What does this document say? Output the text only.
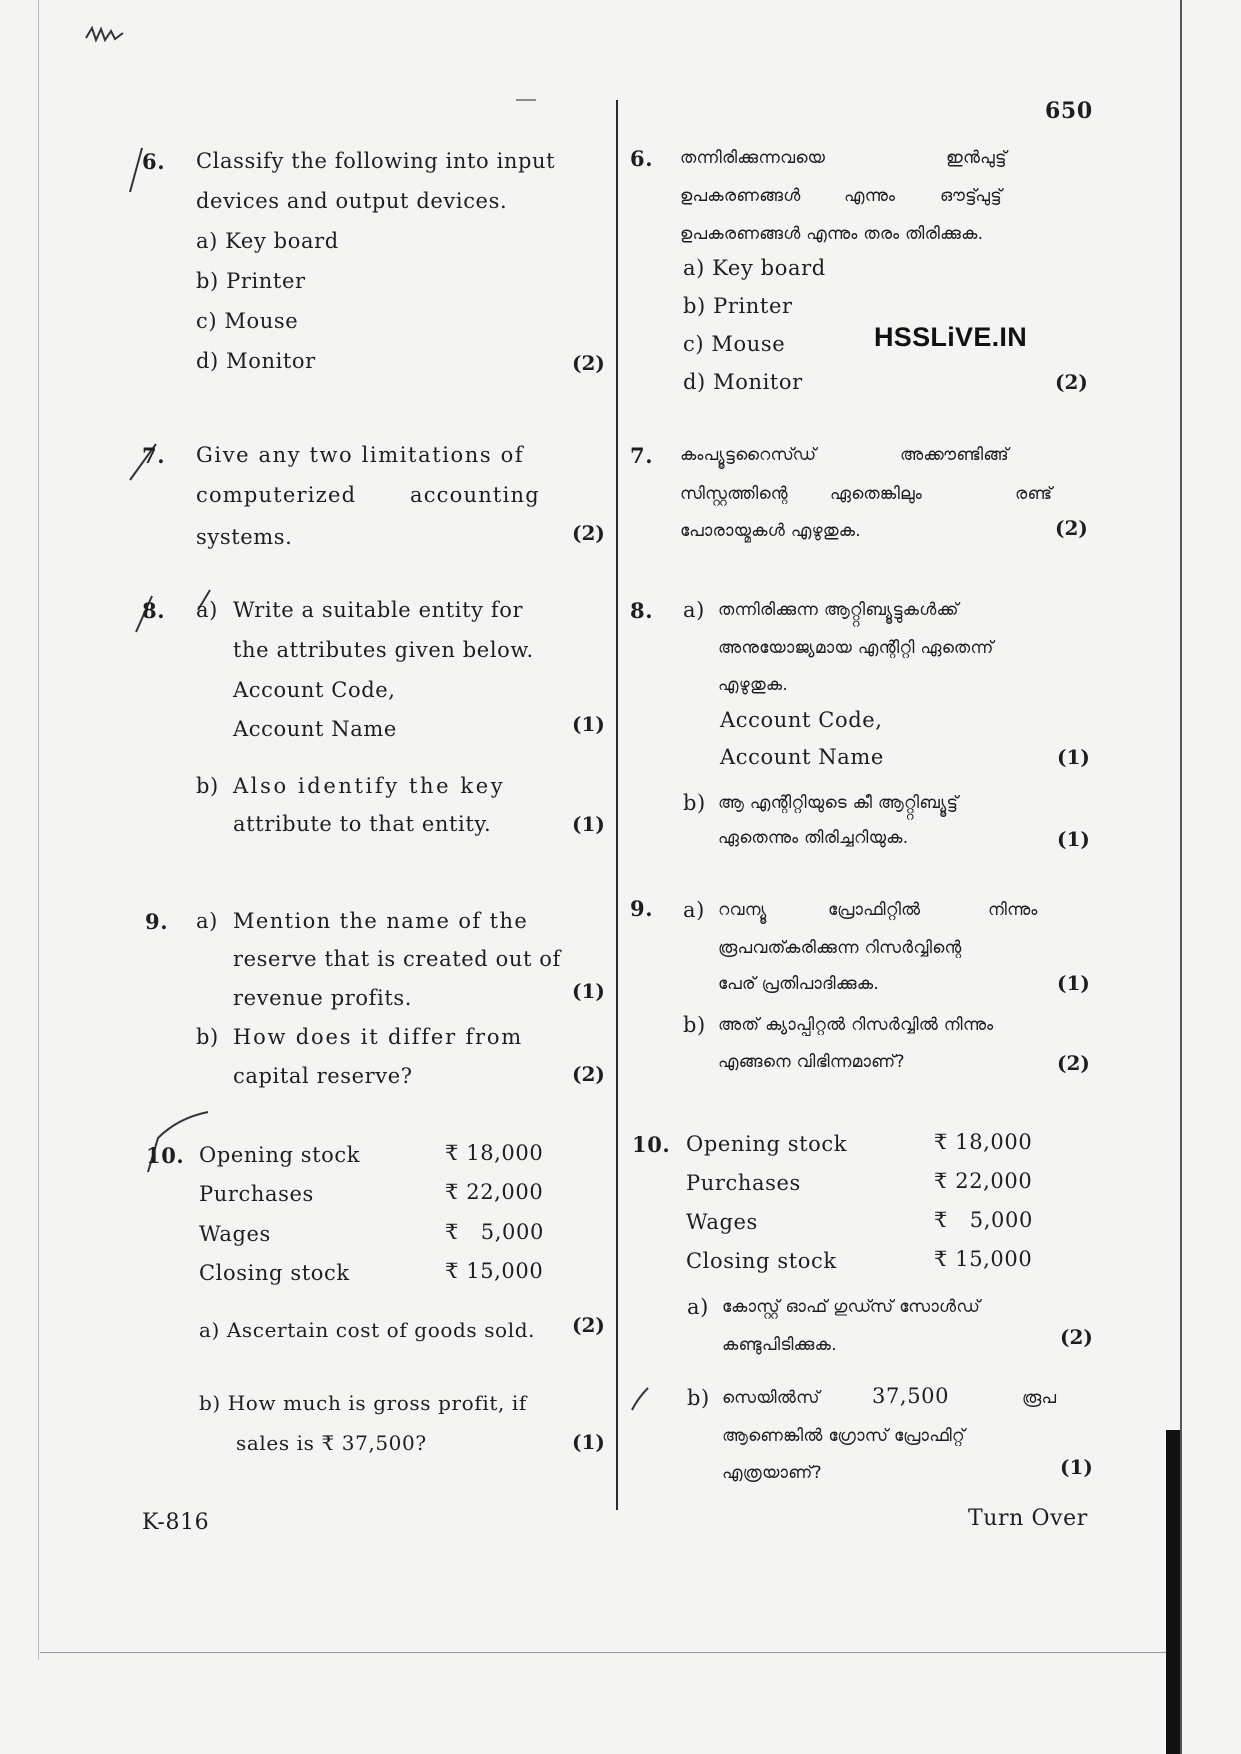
650
HSSLiVE.IN
6. Classify the following into input
devices and output devices.
a) Key board
b) Printer
c) Mouse
d) Monitor	(2)
7. Give any two limitations of
computerized	accounting
systems.	(2)
8. a) Write a suitable entity for
the attributes given below.
Account Code,
Account Name	(1)
b) Also identify the key
attribute to that entity.	(1)
9. a) Mention the name of the
reserve that is created out of
revenue profits.	(1)
b) How does it differ from
capital reserve?	(2)
10. Opening stock	₹ 18,000
Purchases	₹ 22,000
Wages	₹   5,000
Closing stock	₹ 15,000
a) Ascertain cost of goods sold. (2)
b) How much is gross profit, if
sales is ₹ 37,500?	(1)
6. തന്നിരിക്കുന്നവയെ	ഇൻപുട്ട്
ഉപകരണങ്ങൾ	എന്നും	ഔട്ട്പുട്ട്
ഉപകരണങ്ങൾ എന്നും തരം തിരിക്കുക.
a) Key board
b) Printer
c) Mouse
d) Monitor	(2)
7. കംപ്യൂട്ടറൈസ്ഡ്	അക്കൗണ്ടിങ്ങ്
സിസ്റ്റത്തിന്റെ ഏതെങ്കിലും	രണ്ട്
പോരായ്മകൾ എഴുതുക.	(2)
8. a) തന്നിരിക്കുന്ന ആറ്റ്റിബ്യൂട്ടുകൾക്ക്
അനുയോജ്യമായ എന്റിറ്റി ഏതെന്ന്
എഴുതുക.
Account Code,
Account Name	(1)
b) ആ എന്റിറ്റിയുടെ കീ ആറ്റ്റിബ്യൂട്ട്
ഏതെന്നും തിരിച്ചറിയുക.	(1)
9. a) റവന്യൂ	പ്രോഫിറ്റിൽ	നിന്നും
രൂപവത്കരിക്കുന്ന റിസർവ്വിന്റെ
പേര് പ്രതിപാദിക്കുക.	(1)
b) അത് ക്യാപ്പിറ്റൽ റിസർവ്വിൽ നിന്നും
എങ്ങനെ വിഭിന്നമാണ്?	(2)
10. Opening stock	₹ 18,000
Purchases	₹ 22,000
Wages	₹   5,000
Closing stock	₹ 15,000
a) കോസ്റ്റ് ഓഫ് ഗുഡ്സ് സോൾഡ്
കണ്ടുപിടിക്കുക.	(2)
b) സെയിൽസ് 37,500	രൂപ
ആണെങ്കിൽ ഗ്രോസ് പ്രോഫിറ്റ്
എത്രയാണ്?	(1)
K-816	Turn Over
